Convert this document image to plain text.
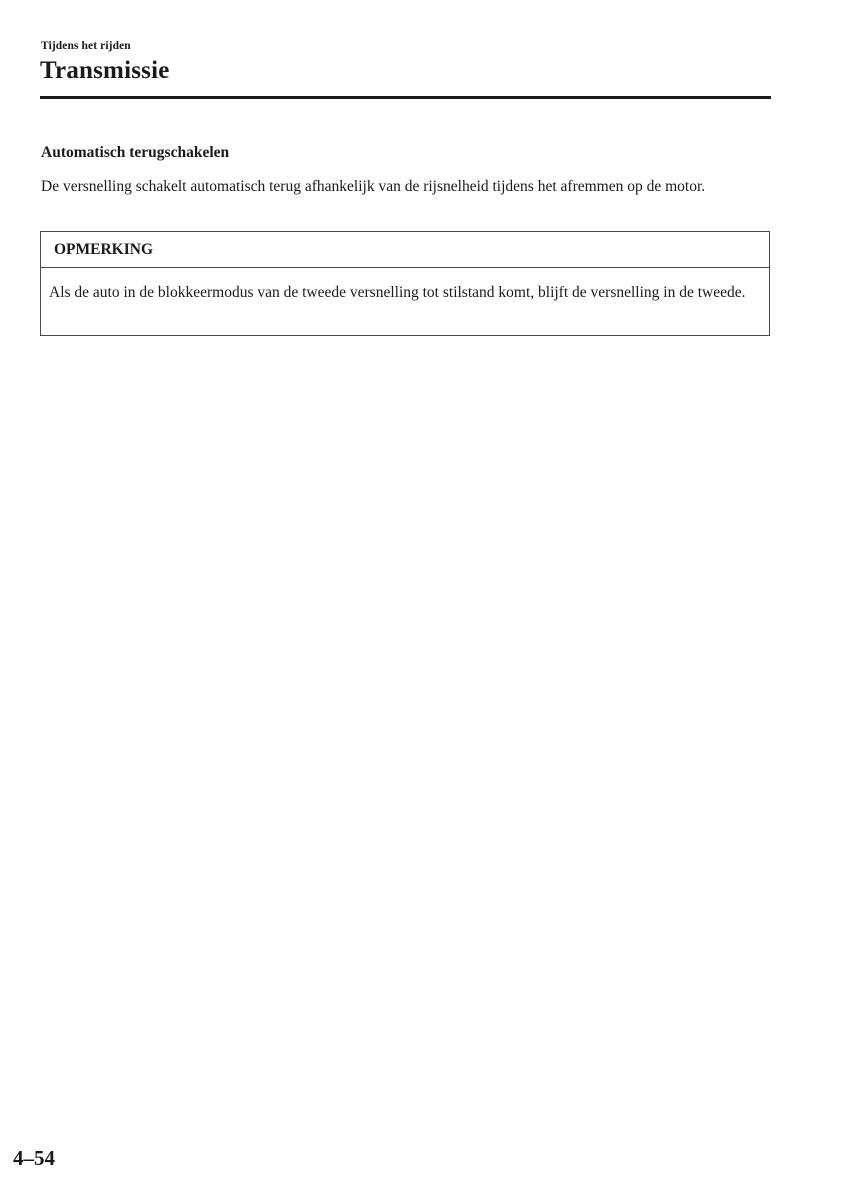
Tijdens het rijden
Transmissie
Automatisch terugschakelen
De versnelling schakelt automatisch terug afhankelijk van de rijsnelheid tijdens het afremmen op de motor.
OPMERKING
Als de auto in de blokkeermodus van de tweede versnelling tot stilstand komt, blijft de versnelling in de tweede.
4–54
